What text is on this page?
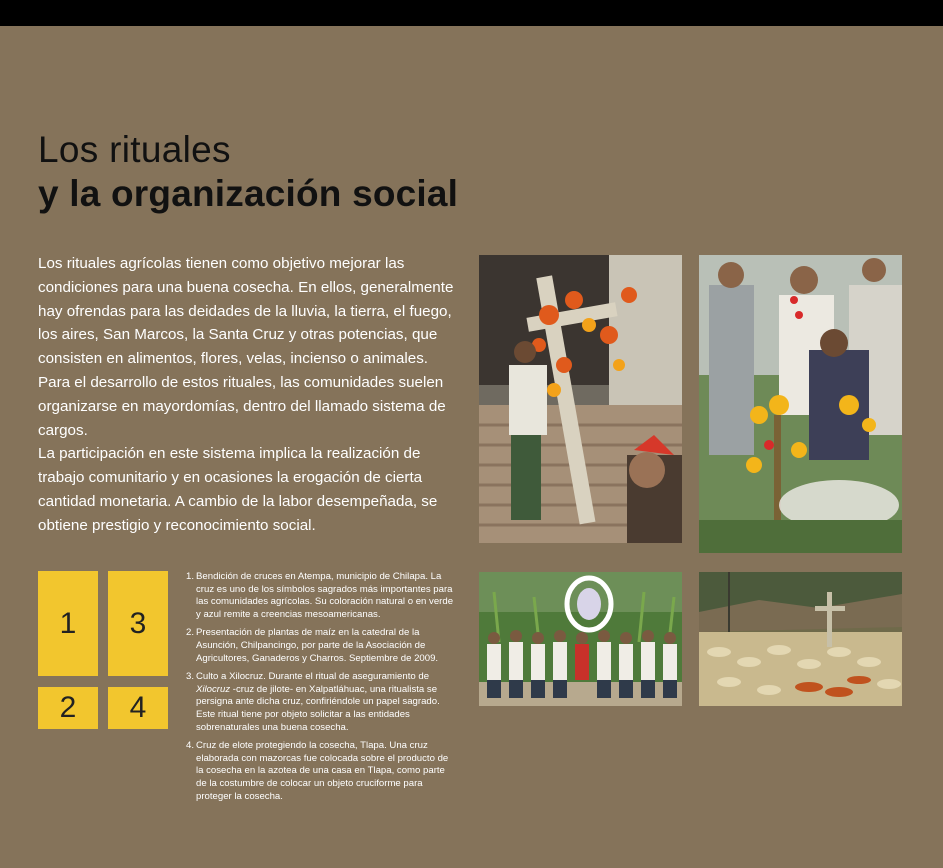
Los rituales
y la organización social

Los rituales agrícolas tienen como objetivo mejorar las condiciones para una buena cosecha. En ellos, generalmente hay ofrendas para las deidades de la lluvia, la tierra, el fuego, los aires, San Marcos, la Santa Cruz y otras potencias, que consisten en alimentos, flores, velas, incienso o animales.

Para el desarrollo de estos rituales, las comunidades suelen organizarse en mayordomías, dentro del llamado sistema de cargos.

La participación en este sistema implica la realización de trabajo comunitario y en ocasiones la erogación de cierta cantidad monetaria. A cambio de la labor desempeñada, se obtiene prestigio y reconocimiento social.

1	3
2	4
1. Bendición de cruces en Atempa, municipio de Chilapa. La cruz es uno de los símbolos sagrados más importantes para las comunidades agrícolas. Su coloración natural o en verde y azul remite a creencias mesoamericanas.
2. Presentación de plantas de maíz en la catedral de la Asunción, Chilpancingo, por parte de la Asociación de Agricultores, Ganaderos y Charros. Septiembre de 2009.
3. Culto a Xilocruz. Durante el ritual de aseguramiento de Xilocruz -cruz de jilote- en Xalpatláhuac, una ritualista se persigna ante dicha cruz, confiriéndole un papel sagrado. Este ritual tiene por objeto solicitar a las entidades sobrenaturales una buena cosecha.
4. Cruz de elote protegiendo la cosecha, Tlapa. Una cruz elaborada con mazorcas fue colocada sobre el producto de la cosecha en la azotea de una casa en Tlapa, como parte de la costumbre de colocar un objeto cruciforme para proteger la cosecha.
